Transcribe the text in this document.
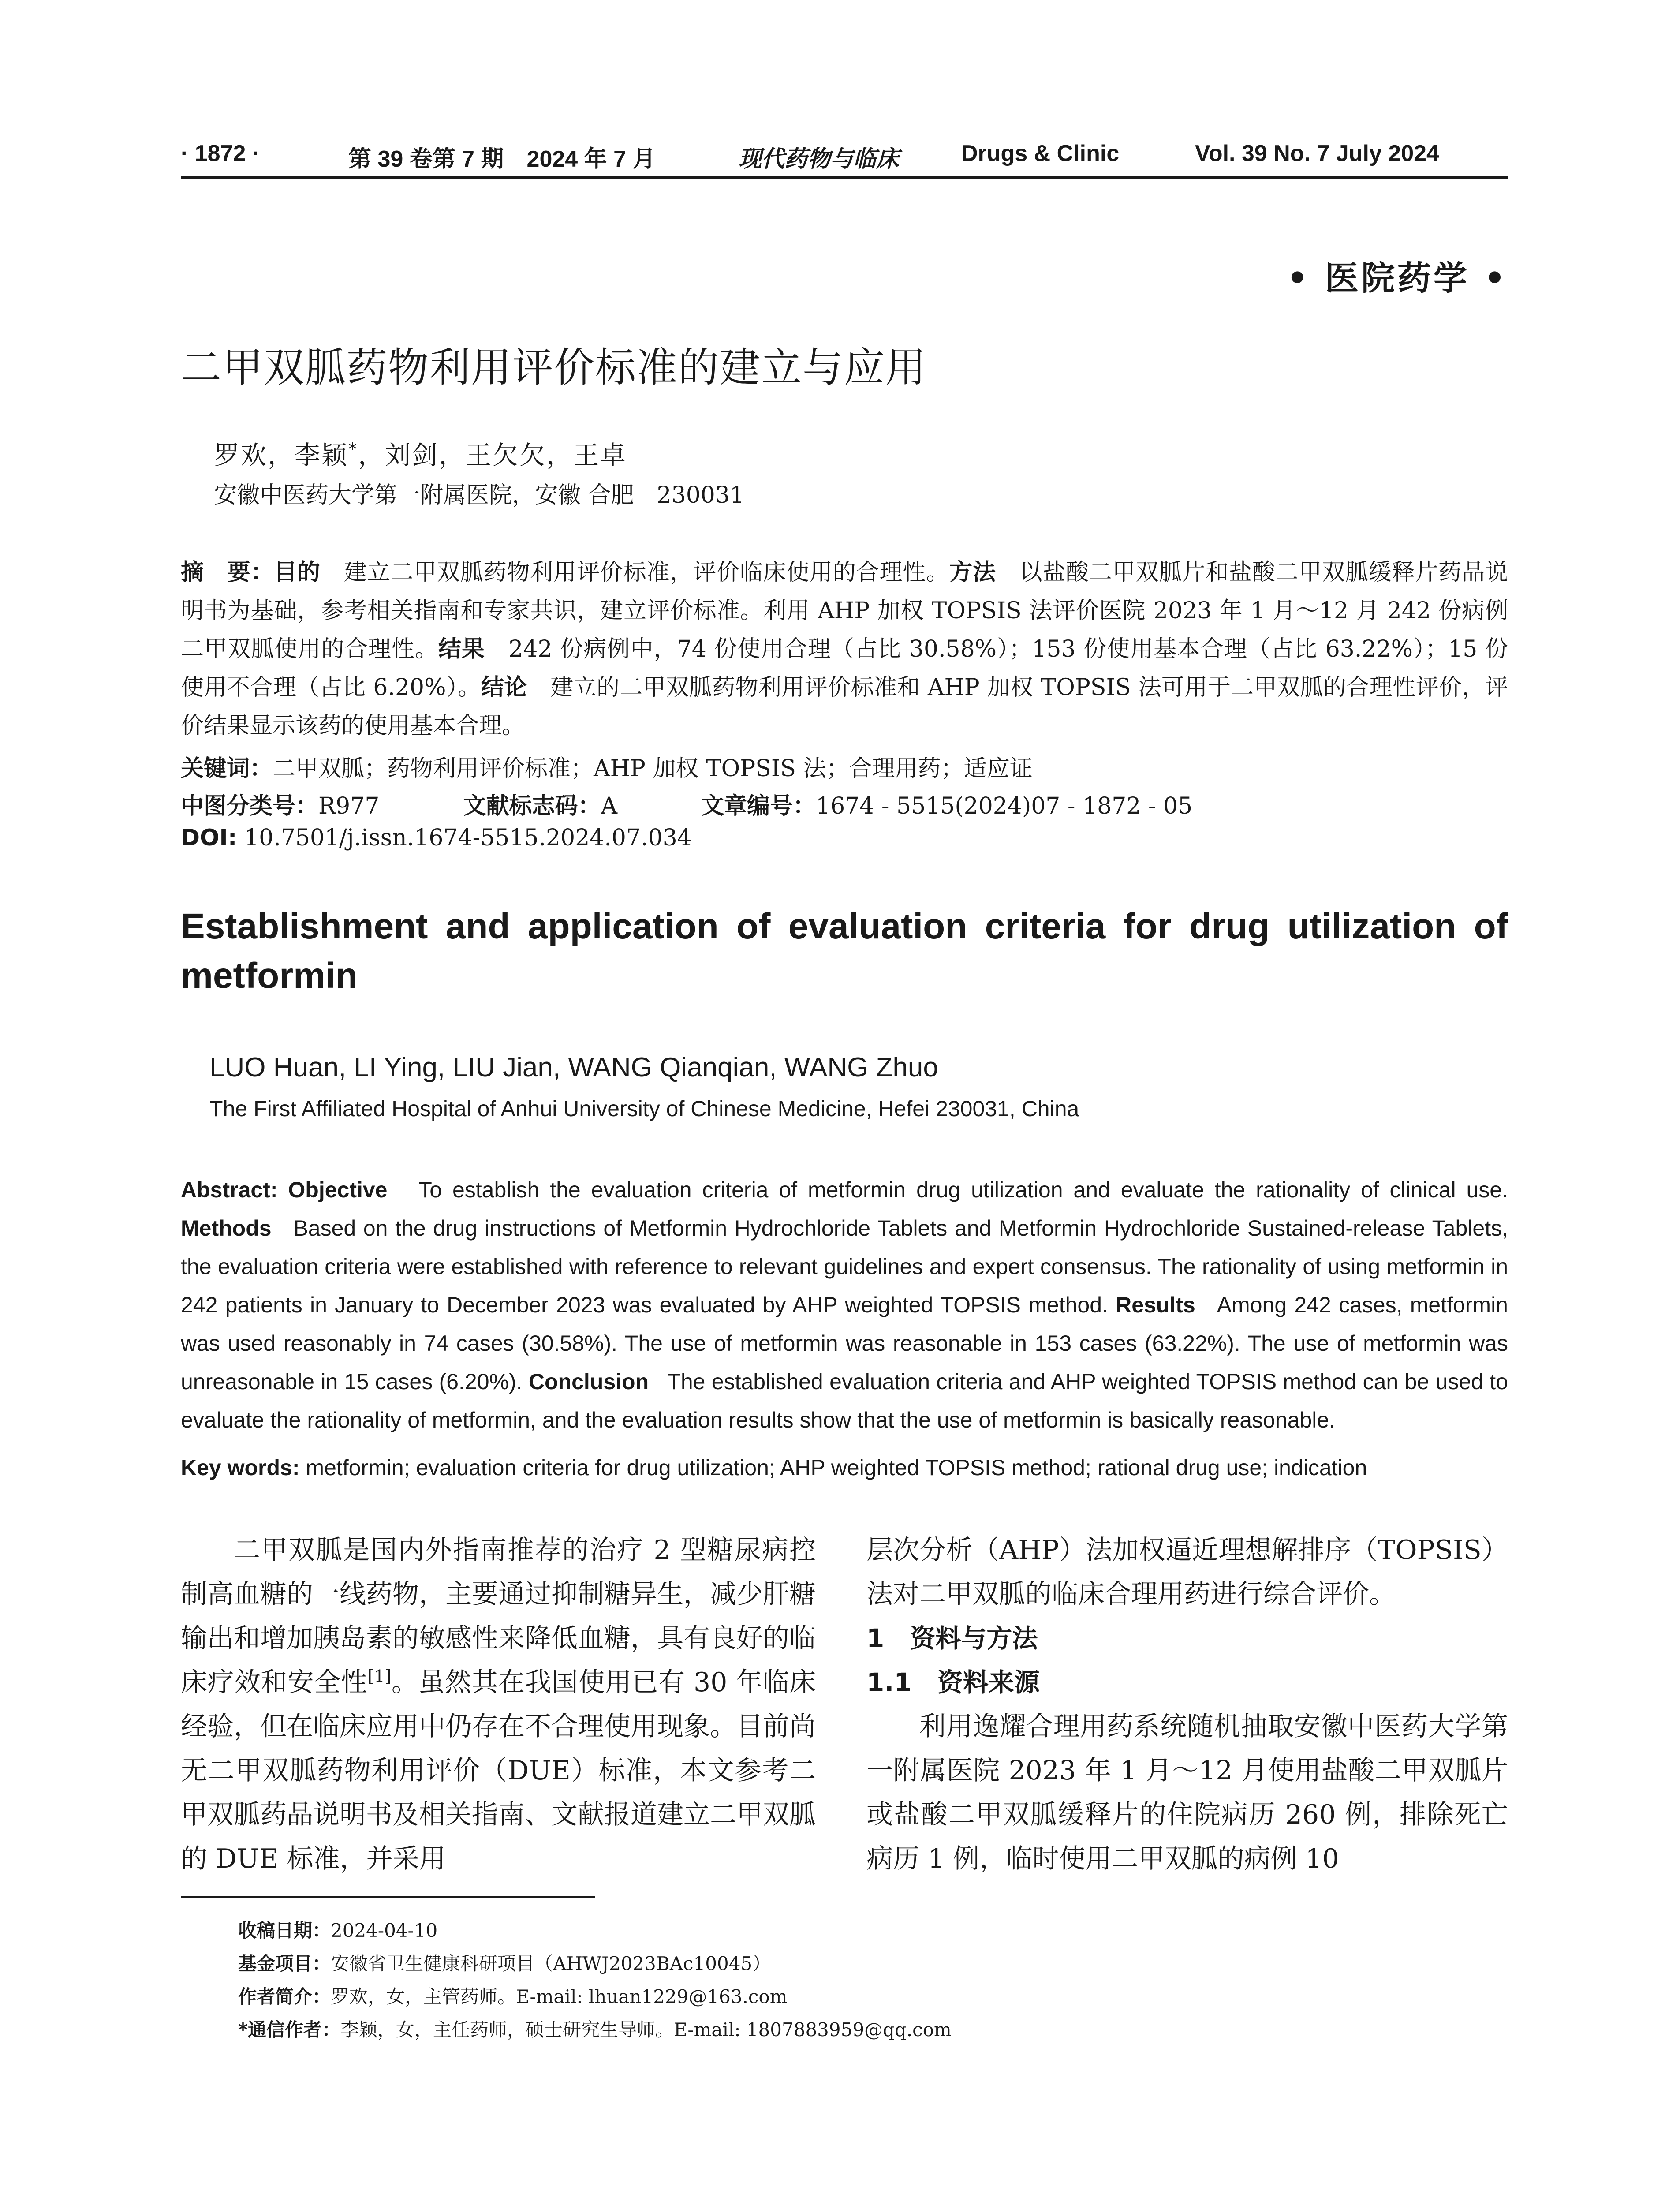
· 1872 ·	第 39 卷第 7 期　2024 年 7 月	现代药物与临床	Drugs & Clinic	Vol. 39 No. 7 July 2024
• 医院药学 •
二甲双胍药物利用评价标准的建立与应用
罗欢，李颖*，刘剑，王欠欠，王卓
安徽中医药大学第一附属医院，安徽 合肥　230031
摘　要：目的　 建立二甲双胍药物利用评价标准，评价临床使用的合理性。方法　 以盐酸二甲双胍片和盐酸二甲双胍缓释片药品说明书为基础，参考相关指南和专家共识，建立评价标准。利用 AHP 加权 TOPSIS 法评价医院 2023 年 1 月～12 月 242 份病例二甲双胍使用的合理性。结果　 242 份病例中，74 份使用合理（占比 30.58%）；153 份使用基本合理（占比 63.22%）；15 份使用不合理（占比 6.20%）。结论　 建立的二甲双胍药物利用评价标准和 AHP 加权 TOPSIS 法可用于二甲双胍的合理性评价，评价结果显示该药的使用基本合理。
关键词：二甲双胍；药物利用评价标准；AHP 加权 TOPSIS 法；合理用药；适应证
中图分类号：R977	文献标志码：A	文章编号：1674 - 5515(2024)07 - 1872 - 05
DOI: 10.7501/j.issn.1674-5515.2024.07.034
Establishment and application of evaluation criteria for drug utilization of metformin
LUO Huan, LI Ying, LIU Jian, WANG Qianqian, WANG Zhuo
The First Affiliated Hospital of Anhui University of Chinese Medicine, Hefei 230031, China
Abstract: Objective To establish the evaluation criteria of metformin drug utilization and evaluate the rationality of clinical use. Methods Based on the drug instructions of Metformin Hydrochloride Tablets and Metformin Hydrochloride Sustained-release Tablets, the evaluation criteria were established with reference to relevant guidelines and expert consensus. The rationality of using metformin in 242 patients in January to December 2023 was evaluated by AHP weighted TOPSIS method. Results Among 242 cases, metformin was used reasonably in 74 cases (30.58%). The use of metformin was reasonable in 153 cases (63.22%). The use of metformin was unreasonable in 15 cases (6.20%). Conclusion The established evaluation criteria and AHP weighted TOPSIS method can be used to evaluate the rationality of metformin, and the evaluation results show that the use of metformin is basically reasonable.
Key words: metformin; evaluation criteria for drug utilization; AHP weighted TOPSIS method; rational drug use; indication

二甲双胍是国内外指南推荐的治疗 2 型糖尿病控制高血糖的一线药物，主要通过抑制糖异生，减少肝糖输出和增加胰岛素的敏感性来降低血糖，具有良好的临床疗效和安全性[1]。虽然其在我国使用已有 30 年临床经验，但在临床应用中仍存在不合理使用现象。目前尚无二甲双胍药物利用评价（DUE）标准，本文参考二甲双胍药品说明书及相关指南、文献报道建立二甲双胍的 DUE 标准，并采用

层次分析（AHP）法加权逼近理想解排序（TOPSIS）法对二甲双胍的临床合理用药进行综合评价。

1　资料与方法

1.1　资料来源

利用逸耀合理用药系统随机抽取安徽中医药大学第一附属医院 2023 年 1 月～12 月使用盐酸二甲双胍片或盐酸二甲双胍缓释片的住院病历 260 例，排除死亡病历 1 例，临时使用二甲双胍的病例 10

收稿日期：2024-04-10
基金项目：安徽省卫生健康科研项目（AHWJ2023BAc10045）
作者简介：罗欢，女，主管药师。E-mail: lhuan1229@163.com
*通信作者：李颖，女，主任药师，硕士研究生导师。E-mail: 1807883959@qq.com
